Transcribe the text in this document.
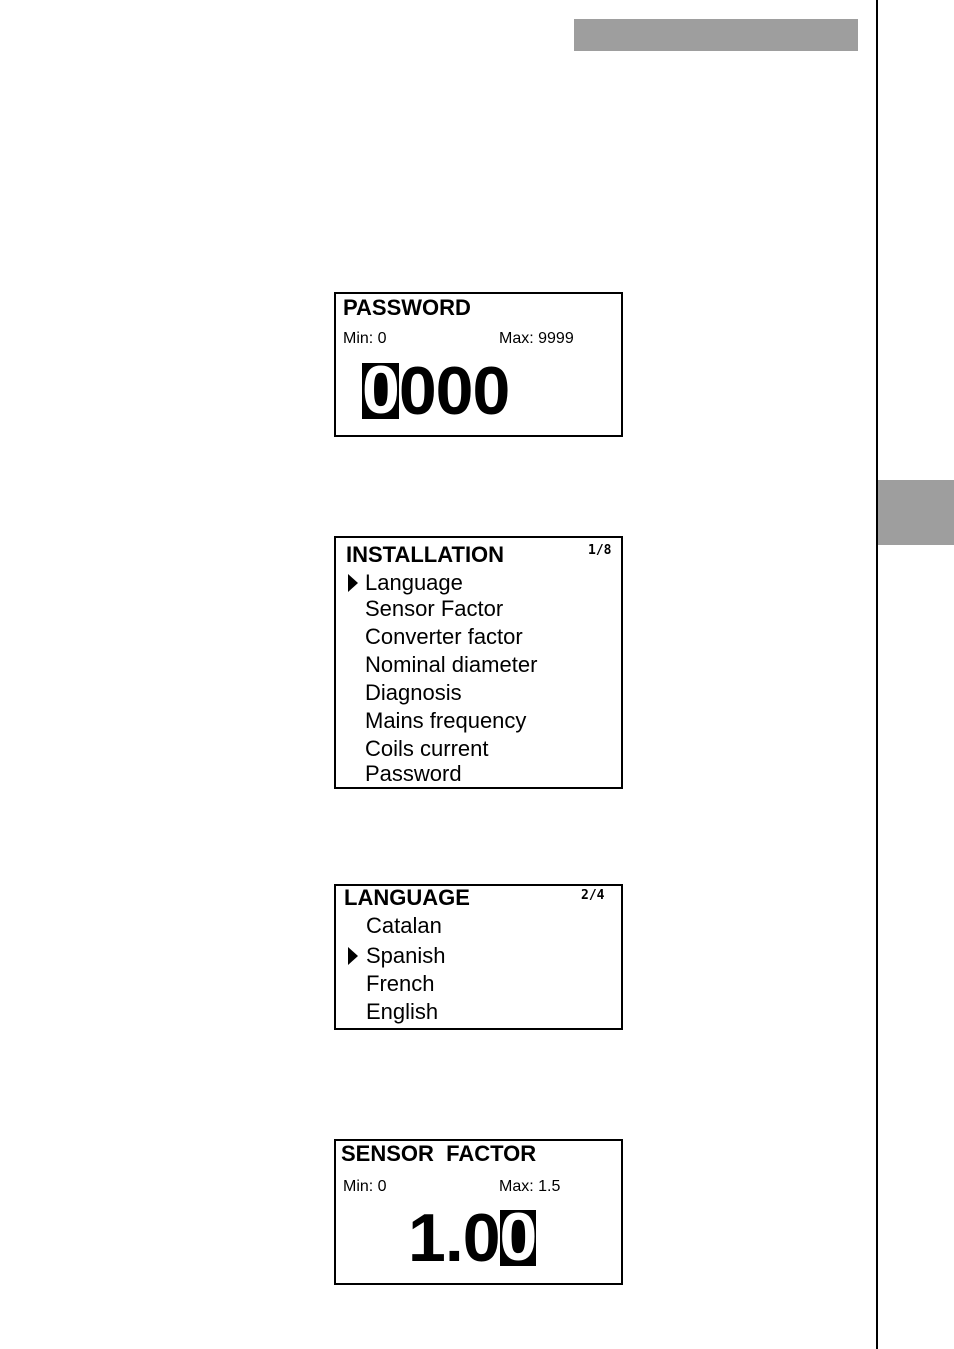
PASSWORD
Min: 0	Max: 9999
0000
INSTALLATION	1/8
Language
Sensor Factor
Converter factor
Nominal diameter
Diagnosis
Mains frequency
Coils current
Password
LANGUAGE	2/4
Catalan
Spanish
French
English
SENSOR  FACTOR
Min: 0	Max: 1.5
1.00
